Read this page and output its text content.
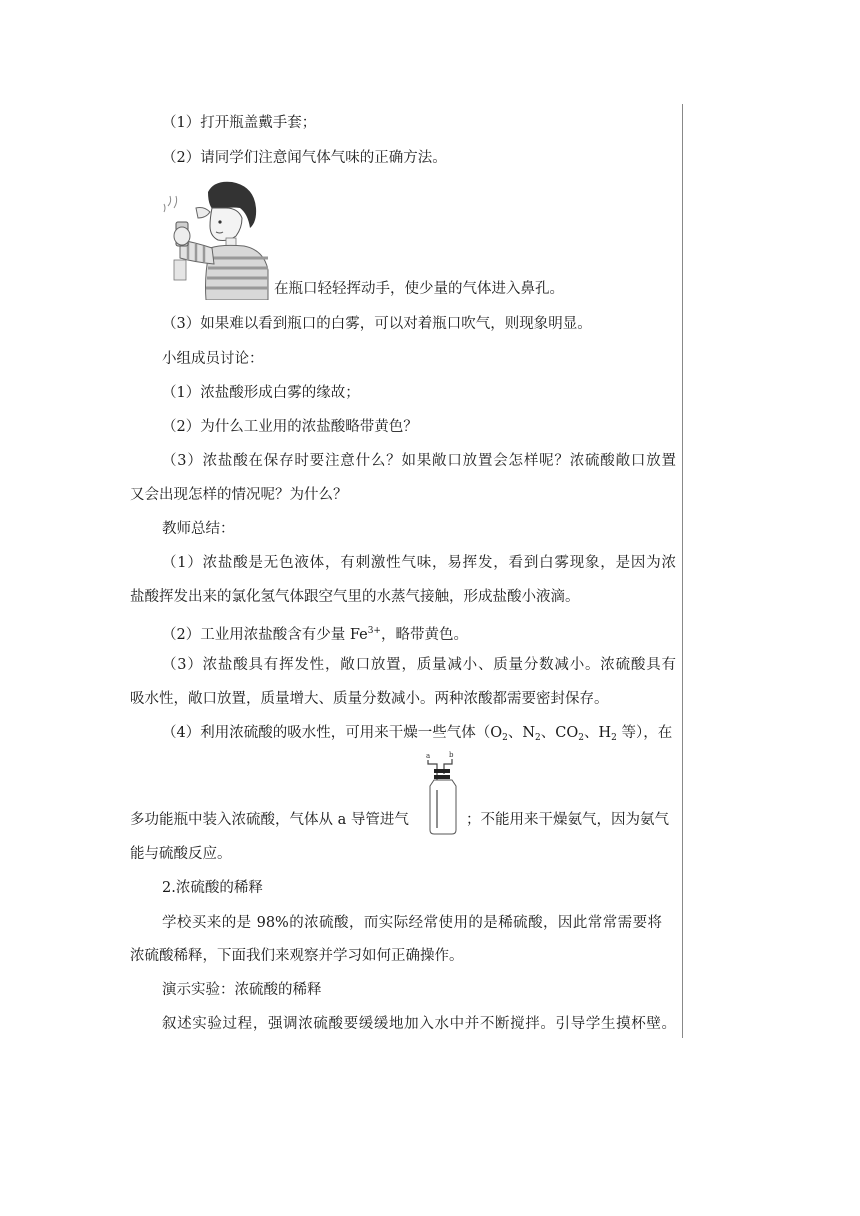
（1）打开瓶盖戴手套；
（2）请同学们注意闻气体气味的正确方法。
在瓶口轻轻挥动手，使少量的气体进入鼻孔。
（3）如果难以看到瓶口的白雾，可以对着瓶口吹气，则现象明显。
小组成员讨论：
（1）浓盐酸形成白雾的缘故；
（2）为什么工业用的浓盐酸略带黄色？
（3）浓盐酸在保存时要注意什么？如果敞口放置会怎样呢？浓硫酸敞口放置
又会出现怎样的情况呢？为什么？
教师总结：
（1）浓盐酸是无色液体，有刺激性气味，易挥发，看到白雾现象，是因为浓
盐酸挥发出来的氯化氢气体跟空气里的水蒸气接触，形成盐酸小液滴。
（2）工业用浓盐酸含有少量 $Fe^{3+}$，略带黄色。
（3）浓盐酸具有挥发性，敞口放置，质量减小、质量分数减小。浓硫酸具有
吸水性，敞口放置，质量增大、质量分数减小。两种浓酸都需要密封保存。
（4）利用浓硫酸的吸水性，可用来干燥一些气体（$O_2$、$N_2$、$CO_2$、$H_2$ 等），在
a	b
多功能瓶中装入浓硫酸，气体从 a 导管进气	；不能用来干燥氨气，因为氨气
能与硫酸反应。
2.浓硫酸的稀释
学校买来的是 98%的浓硫酸，而实际经常使用的是稀硫酸，因此常常需要将
浓硫酸稀释，下面我们来观察并学习如何正确操作。
演示实验：浓硫酸的稀释
叙述实验过程，强调浓硫酸要缓缓地加入水中并不断搅拌。引导学生摸杯壁。
